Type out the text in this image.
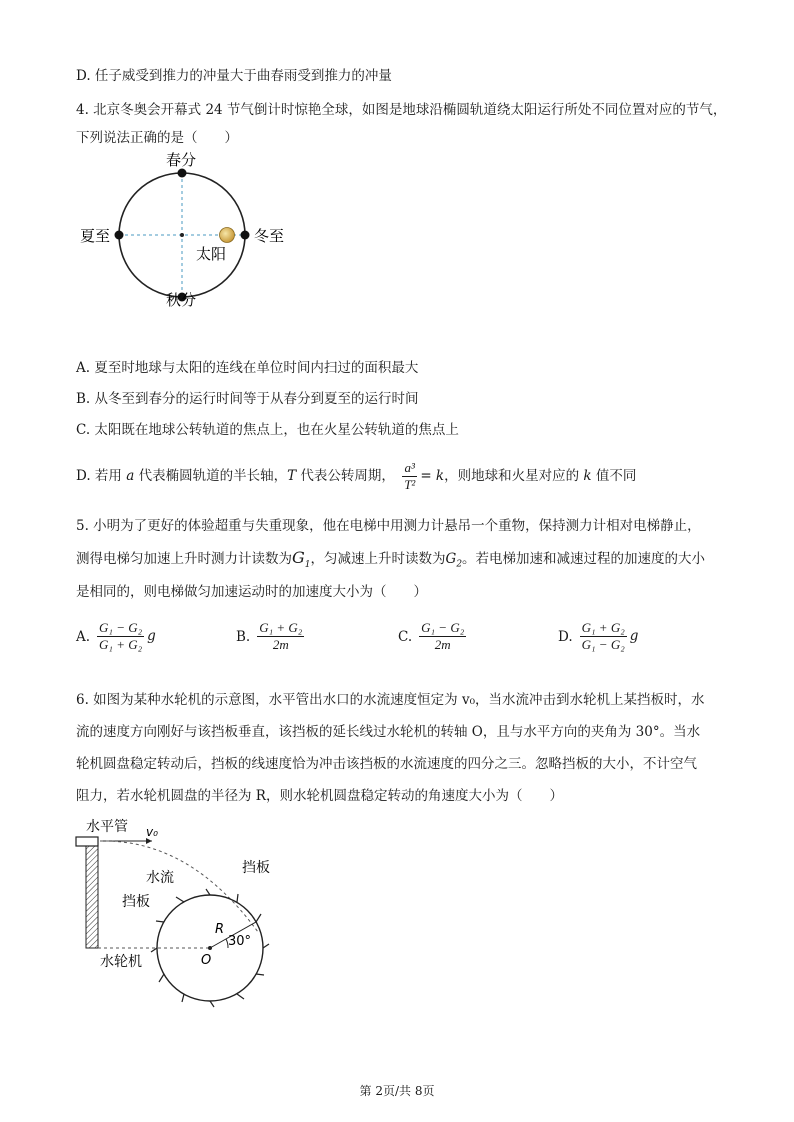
D. 任子威受到推力的冲量大于曲春雨受到推力的冲量
4. 北京冬奥会开幕式 24 节气倒计时惊艳全球，如图是地球沿椭圆轨道绕太阳运行所处不同位置对应的节气，
下列说法正确的是（　　）
春分
夏至	冬至
秋分
太阳
A. 夏至时地球与太阳的连线在单位时间内扫过的面积最大
B. 从冬至到春分的运行时间等于从春分到夏至的运行时间
C. 太阳既在地球公转轨道的焦点上，也在火星公转轨道的焦点上
D. 若用 a 代表椭圆轨道的半长轴，T 代表公转周期， $\frac{\text{a³}}{\text{T²}} = k$，则地球和火星对应的 k 值不同
5. 小明为了更好的体验超重与失重现象，他在电梯中用测力计悬吊一个重物，保持测力计相对电梯静止，
测得电梯匀加速上升时测力计读数为$G_1$，匀减速上升时读数为$G_2$。若电梯加速和减速过程的加速度的大小
是相同的，则电梯做匀加速运动时的加速度大小为（　　）
A. $\frac{\text{G₁ − G₂}}{\text{G₁ + G₂}}$ g	B. $\frac{\text{G₁ + G₂}}{2m}$	C. $\frac{\text{G₁ − G₂}}{2m}$	D. $\frac{\text{G₁ + G₂}}{\text{G₁ − G₂}}$ g
6. 如图为某种水轮机的示意图，水平管出水口的水流速度恒定为 v₀，当水流冲击到水轮机上某挡板时，水
流的速度方向刚好与该挡板垂直，该挡板的延长线过水轮机的转轴 O，且与水平方向的夹角为 30°。当水
轮机圆盘稳定转动后，挡板的线速度恰为冲击该挡板的水流速度的四分之三。忽略挡板的大小，不计空气
阻力，若水轮机圆盘的半径为 R，则水轮机圆盘稳定转动的角速度大小为（　　）
水平管 v₀
水流
挡板
挡板
R
30°
O
水轮机
第 2页/共 8页
